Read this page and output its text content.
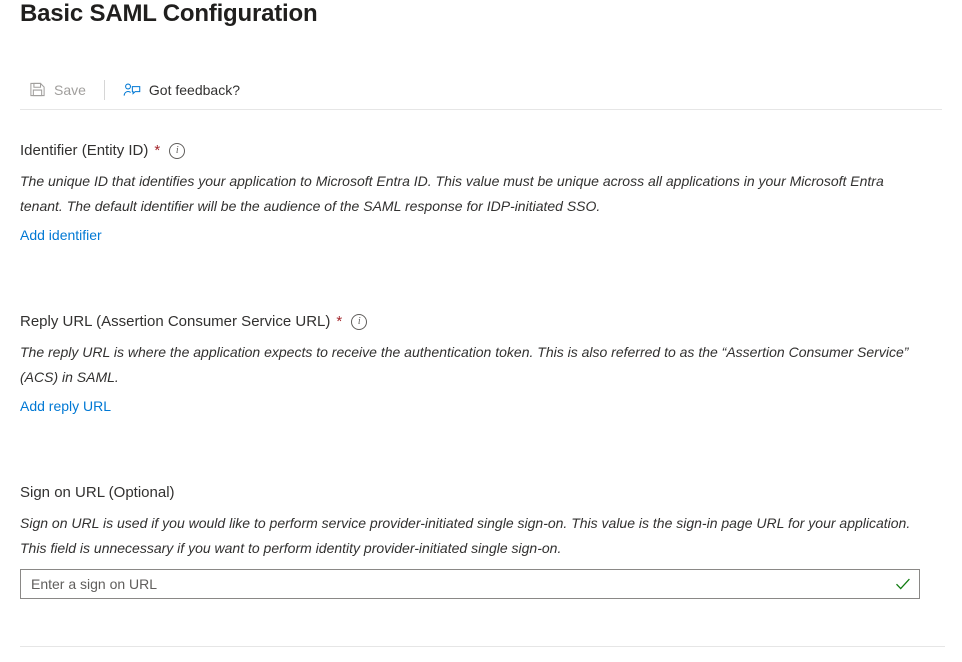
Basic SAML Configuration
Save	Got feedback?
Identifier (Entity ID) *	i
The unique ID that identifies your application to Microsoft Entra ID. This value must be unique across all applications in your Microsoft Entra tenant. The default identifier will be the audience of the SAML response for IDP-initiated SSO.
Add identifier
Reply URL (Assertion Consumer Service URL) *	i
The reply URL is where the application expects to receive the authentication token. This is also referred to as the “Assertion Consumer Service” (ACS) in SAML.
Add reply URL
Sign on URL (Optional)
Sign on URL is used if you would like to perform service provider-initiated single sign-on. This value is the sign-in page URL for your application. This field is unnecessary if you want to perform identity provider-initiated single sign-on.
Enter a sign on URL
